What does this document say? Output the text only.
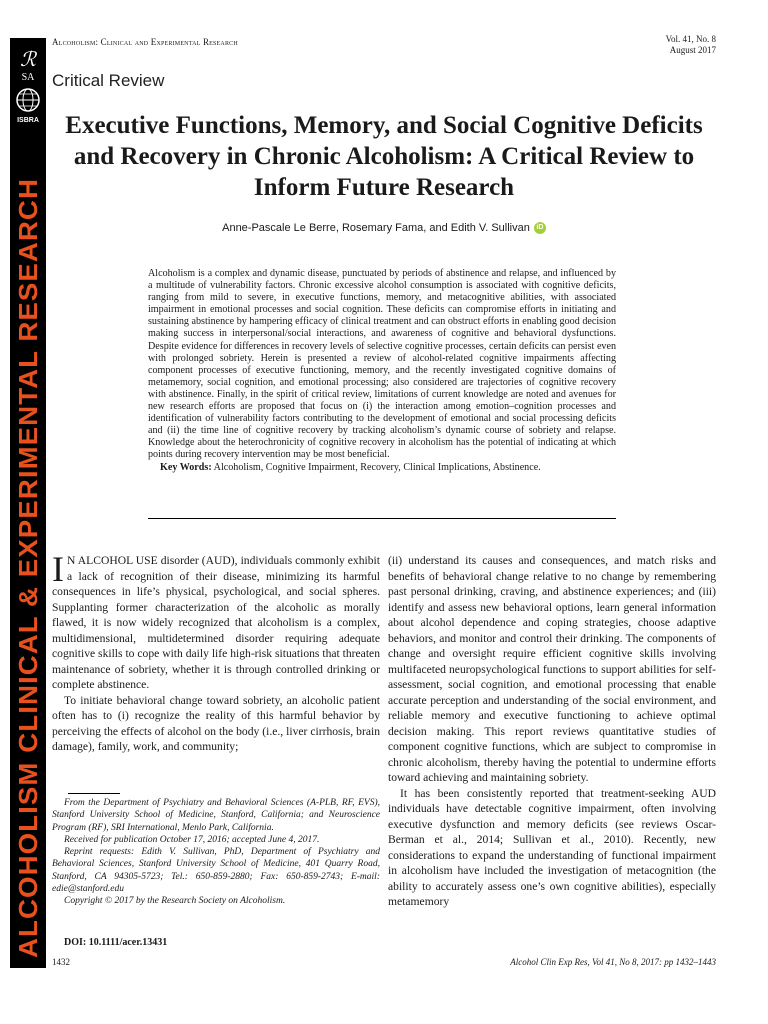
ℛ
SA
ISBRA
ALCOHOLISM CLINICAL & EXPERIMENTAL RESEARCH
Alcoholism: Clinical and Experimental Research	Vol. 41, No. 8
August 2017
Critical Review
Executive Functions, Memory, and Social Cognitive Deficits and Recovery in Chronic Alcoholism: A Critical Review to Inform Future Research
Anne-Pascale Le Berre, Rosemary Fama, and Edith V. Sullivan iD

Alcoholism is a complex and dynamic disease, punctuated by periods of abstinence and relapse, and influenced by a multitude of vulnerability factors. Chronic excessive alcohol consumption is associated with cognitive deficits, ranging from mild to severe, in executive functions, memory, and metacognitive abilities, with associated impairment in emotional processes and social cognition. These deficits can compromise efforts in initiating and sustaining abstinence by hampering efficacy of clinical treatment and can obstruct efforts in enabling good decision making success in interpersonal/social interactions, and awareness of cognitive and behavioral dysfunctions. Despite evidence for differences in recovery levels of selective cognitive processes, certain deficits can persist even with prolonged sobriety. Herein is presented a review of alcohol-related cognitive impairments affecting component processes of executive functioning, memory, and the recently investigated cognitive domains of metamemory, social cognition, and emotional processing; also considered are trajectories of cognitive recovery with abstinence. Finally, in the spirit of critical review, limitations of current knowledge are noted and avenues for new research efforts are proposed that focus on (i) the interaction among emotion–cognition processes and identification of vulnerability factors contributing to the development of emotional and social processing deficits and (ii) the time line of cognitive recovery by tracking alcoholism’s dynamic course of sobriety and relapse. Knowledge about the heterochronicity of cognitive recovery in alcoholism has the potential of indicating at which points during recovery intervention may be most beneficial.

Key Words: Alcoholism, Cognitive Impairment, Recovery, Clinical Implications, Abstinence.

I N ALCOHOL USE disorder (AUD), individuals commonly exhibit a lack of recognition of their disease, minimizing its harmful consequences in life’s physical, psychological, and social spheres. Supplanting former characterization of the alcoholic as morally flawed, it is now widely recognized that alcoholism is a complex, multidimensional, multidetermined disorder requiring adequate cognitive skills to cope with daily life high-risk situations that threaten maintenance of sobriety, whether it is through controlled drinking or complete abstinence.

To initiate behavioral change toward sobriety, an alcoholic patient often has to (i) recognize the reality of this harmful behavior by perceiving the effects of alcohol on the body (i.e., liver cirrhosis, brain damage), family, work, and community;

From the Department of Psychiatry and Behavioral Sciences (A-PLB, RF, EVS), Stanford University School of Medicine, Stanford, California; and Neuroscience Program (RF), SRI International, Menlo Park, California.

Received for publication October 17, 2016; accepted June 4, 2017.

Reprint requests: Edith V. Sullivan, PhD, Department of Psychiatry and Behavioral Sciences, Stanford University School of Medicine, 401 Quarry Road, Stanford, CA 94305-5723; Tel.: 650-859-2880; Fax: 650-859-2743; E-mail: edie@stanford.edu

Copyright © 2017 by the Research Society on Alcoholism.

DOI: 10.1111/acer.13431

(ii) understand its causes and consequences, and match risks and benefits of behavioral change relative to no change by remembering past personal drinking, craving, and abstinence experiences; and (iii) identify and assess new behavioral options, learn general information about alcohol dependence and coping strategies, choose adaptive behaviors, and monitor and control their drinking. The components of change and oversight require efficient cognitive skills involving multifaceted neuropsychological functions to support abilities for self-assessment, social cognition, and emotional processing that enable accurate perception and understanding of the social environment, and reliable memory and executive functioning to achieve optimal decision making. This report reviews quantitative studies of component cognitive functions, which are subject to compromise in chronic alcoholism, thereby having the potential to undermine efforts toward achieving and maintaining sobriety.

It has been consistently reported that treatment-seeking AUD individuals have detectable cognitive impairment, often involving executive dysfunction and memory deficits (see reviews Oscar-Berman et al., 2014; Sullivan et al., 2010). Recently, new considerations to expand the understanding of functional impairment in alcoholism have included the investigation of metacognition (the ability to accurately assess one’s own cognitive abilities), especially metamemory

1432	Alcohol Clin Exp Res, Vol 41, No 8, 2017: pp 1432–1443
